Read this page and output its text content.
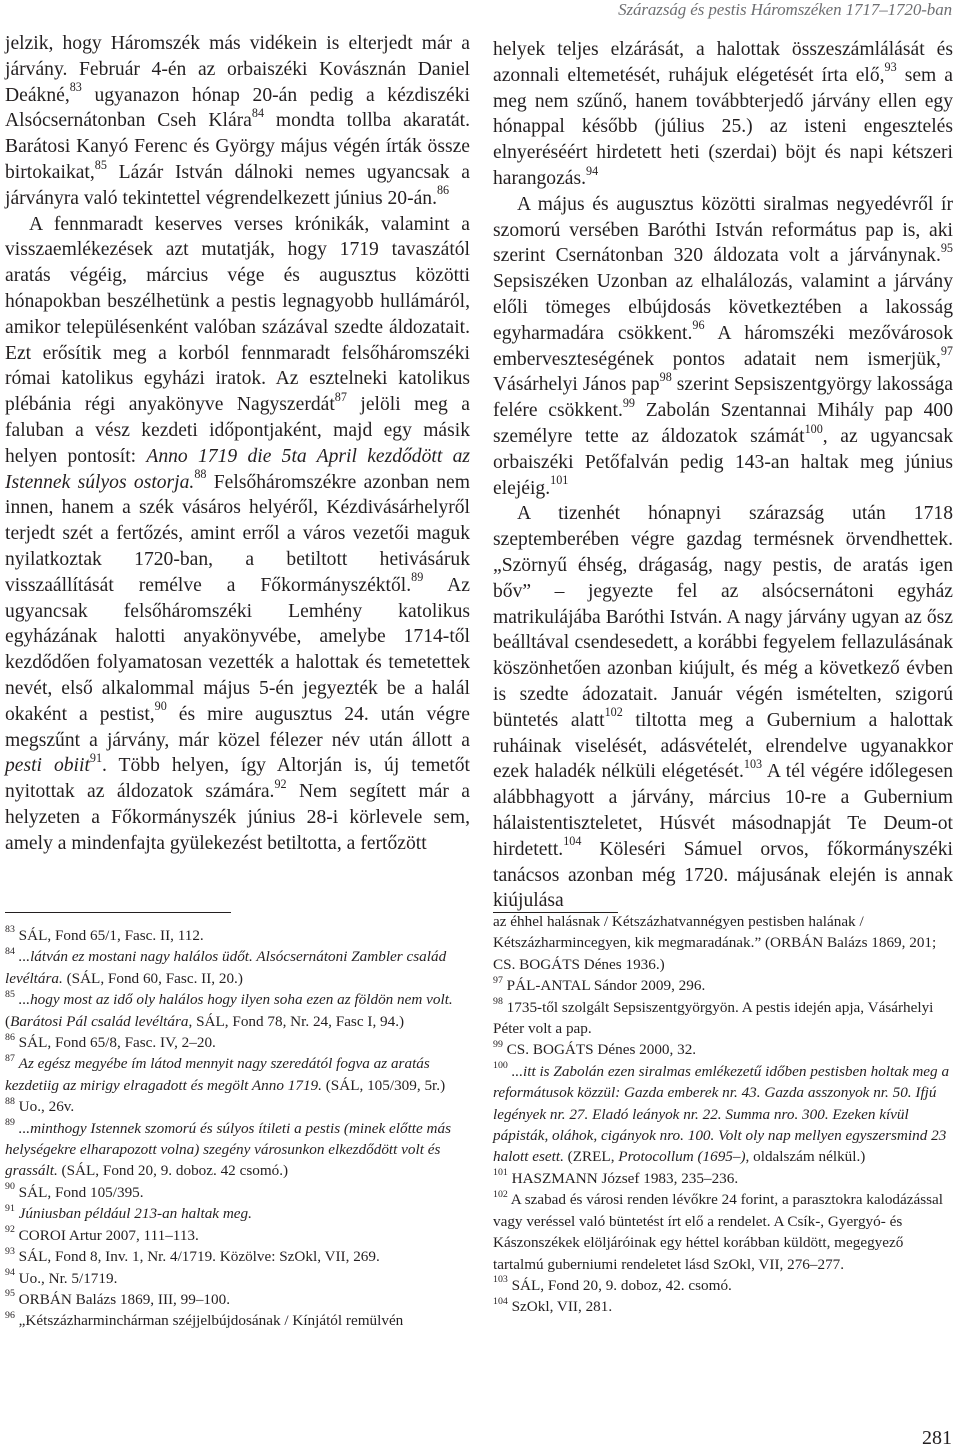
Szárazság és pestis Háromszéken 1717–1720-ban

jelzik, hogy Háromszék más vidékein is elterjedt már a járvány. Február 4-én az orbaiszéki Kovásznán Daniel Deákné,$^{83}$ ugyanazon hónap 20-án pedig a kézdiszéki Alsócsernátonban Cseh Klára$^{84}$ mondta tollba akaratát. Barátosi Kanyó Ferenc és György május végén írták össze birtokaikat,$^{85}$ Lázár István dálnoki nemes ugyancsak a járványra való tekintettel végrendelkezett június 20-án.$^{86}$

A fennmaradt keserves verses krónikák, valamint a visszaemlékezések azt mutatják, hogy 1719 tavaszától aratás végéig, március vége és augusztus közötti hónapokban beszélhetünk a pestis legnagyobb hullámáról, amikor településenként valóban százával szedte áldozatait. Ezt erősítik meg a korból fennmaradt felsőháromszéki római katolikus egyházi iratok. Az esztelneki katolikus plébánia régi anyakönyve Nagyszerdát$^{87}$ jelöli meg a faluban a vész kezdeti időpontjaként, majd egy másik helyen pontosít: Anno 1719 die 5ta April kezdődött az Istennek súlyos ostorja.$^{88}$ Felsőháromszékre azonban nem innen, hanem a szék vásáros helyéről, Kézdivásárhelyről terjedt szét a fertőzés, amint erről a város vezetői maguk nyilatkoztak 1720-ban, a betiltott hetivásáruk visszaállítását remélve a Főkormányszéktől.$^{89}$ Az ugyancsak felsőháromszéki Lemhény katolikus egyházának halotti anyakönyvébe, amelybe 1714-től kezdődően folyamatosan vezették a halottak és temetettek nevét, első alkalommal május 5-én jegyezték be a halál okaként a pestist,$^{90}$ és mire augusztus 24. után végre megszűnt a járvány, már közel félezer név után állott a pesti obiit$^{91}$. Több helyen, így Altorján is, új temetőt nyitottak az áldozatok számára.$^{92}$ Nem segített már a helyzeten a Főkormányszék június 28-i körlevele sem, amely a mindenfajta gyülekezést betiltotta, a fertőzött

helyek teljes elzárását, a halottak összeszámlálását és azonnali eltemetését, ruhájuk elégetését írta elő,$^{93}$ sem a meg nem szűnő, hanem továbbterjedő járvány ellen egy hónappal később (július 25.) az isteni engesztelés elnyeréséért hirdetett heti (szerdai) böjt és napi kétszeri harangozás.$^{94}$

A május és augusztus közötti siralmas negyedévről ír szomorú versében Baróthi István református pap is, aki szerint Csernátonban 320 áldozata volt a járványnak.$^{95}$ Sepsiszéken Uzonban az elhalálozás, valamint a járvány előli tömeges elbújdosás következtében a lakosság egyharmadára csökkent.$^{96}$ A háromszéki mezővárosok emberveszteségének pontos adatait nem ismerjük,$^{97}$ Vásárhelyi János pap$^{98}$ szerint Sepsiszentgyörgy lakossága felére csökkent.$^{99}$ Zabolán Szentannai Mihály pap 400 személyre tette az áldozatok számát$^{100}$, az ugyancsak orbaiszéki Petőfalván pedig 143-an haltak meg június elejéig.$^{101}$

A tizenhét hónapnyi szárazság után 1718 szeptemberében végre gazdag termésnek örvendhettek. „Szörnyű éhség, drágaság, nagy pestis, de aratás igen bőv” – jegyezte fel az alsócsernátoni egyház matrikulájába Baróthi István. A nagy járvány ugyan az ősz beálltával csendesedett, a korábbi fegyelem fellazulásának köszönhetően azonban kiújult, és még a következő évben is szedte ádozatait. Január végén ismételten, szigorú büntetés alatt$^{102}$ tiltotta meg a Gubernium a halottak ruháinak viselését, adásvételét, elrendelve ugyanakkor ezek haladék nélküli elégetését.$^{103}$ A tél végére időlegesen alábbhagyott a járvány, március 10-re a Gubernium hálaistentiszteletet, Húsvét másodnapját Te Deum-ot hirdetett.$^{104}$ Köleséri Sámuel orvos, főkormányszéki tanácsos azonban még 1720. májusának elején is annak kiújulása

$^{83}$ SÁL, Fond 65/1, Fasc. II, 112.
$^{84}$ ...látván ez mostani nagy halálos üdőt. Alsócsernátoni Zambler család levéltára. (SÁL, Fond 60, Fasc. II, 20.)
$^{85}$ ...hogy most az idő oly halálos hogy ilyen soha ezen az földön nem volt. (Barátosi Pál család levéltára, SÁL, Fond 78, Nr. 24, Fasc I, 94.)
$^{86}$ SÁL, Fond 65/8, Fasc. IV, 2–20.
$^{87}$ Az egész megyébe ím látod mennyit nagy szeredától fogva az aratás kezdetiig az mirigy elragadott és megölt Anno 1719. (SÁL, 105/309, 5r.)
$^{88}$ Uo., 26v.
$^{89}$ ...minthogy Istennek szomorú és súlyos ítileti a pestis (minek előtte más helységekre elharapozott volna) szegény városunkon elkezdődött volt és grassált. (SÁL, Fond 20, 9. doboz. 42 csomó.)
$^{90}$ SÁL, Fond 105/395.
$^{91}$ Júniusban például 213-an haltak meg.
$^{92}$ COROI Artur 2007, 111–113.
$^{93}$ SÁL, Fond 8, Inv. 1, Nr. 4/1719. Közölve: SzOkl, VII, 269.
$^{94}$ Uo., Nr. 5/1719.
$^{95}$ ORBÁN Balázs 1869, III, 99–100.
$^{96}$ „Kétszázharminchárman széjjelbújdosának / Kínjától remülvén
az éhhel halásnak / Kétszázhatvannégyen pestisben halának / Kétszázharmincegyen, kik megmaradának.” (ORBÁN Balázs 1869, 201; CS. BOGÁTS Dénes 1936.)
$^{97}$ PÁL-ANTAL Sándor 2009, 296.
$^{98}$ 1735-től szolgált Sepsiszentgyörgyön. A pestis idején apja, Vásárhelyi Péter volt a pap.
$^{99}$ CS. BOGÁTS Dénes 2000, 32.
$^{100}$ ...itt is Zabolán ezen siralmas emlékezetű időben pestisben holtak meg a reformátusok közzül: Gazda emberek nr. 43. Gazda asszonyok nr. 50. Ifjú legények nr. 27. Eladó leányok nr. 22. Summa nro. 300. Ezeken kívül pápisták, oláhok, cigányok nro. 100. Volt oly nap mellyen egyszersmind 23 halott esett. (ZREL, Protocollum (1695–), oldalszám nélkül.)
$^{101}$ HASZMANN József 1983, 235–236.
$^{102}$ A szabad és városi renden lévőkre 24 forint, a parasztokra kalodázással vagy veréssel való büntetést írt elő a rendelet. A Csík-, Gyergyó- és Kászonszékek elöljáróinak egy héttel korábban küldött, megegyező tartalmú guberniumi rendeletet lásd SzOkl, VII, 276–277.
$^{103}$ SÁL, Fond 20, 9. doboz, 42. csomó.
$^{104}$ SzOkl, VII, 281.
281
